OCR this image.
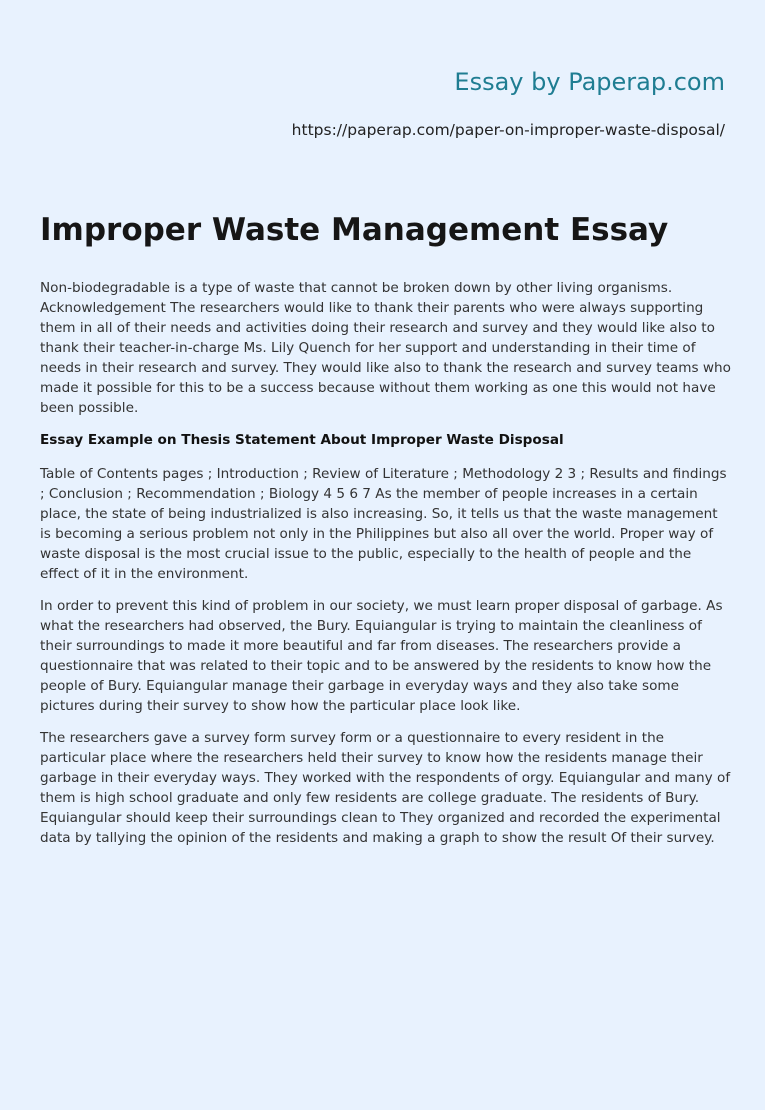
Essay by Paperap.com
https://paperap.com/paper-on-improper-waste-disposal/
Improper Waste Management Essay

Non-biodegradable is a type of waste that cannot be broken down by other living organisms. Acknowledgement The researchers would like to thank their parents who were always supporting them in all of their needs and activities doing their research and survey and they would like also to thank their teacher-in-charge Ms. Lily Quench for her support and understanding in their time of needs in their research and survey. They would like also to thank the research and survey teams who made it possible for this to be a success because without them working as one this would not have been possible.

Essay Example on Thesis Statement About Improper Waste Disposal

Table of Contents pages ; Introduction ; Review of Literature ; Methodology 2 3 ; Results and findings ; Conclusion ; Recommendation ; Biology 4 5 6 7 As the member of people increases in a certain place, the state of being industrialized is also increasing. So, it tells us that the waste management is becoming a serious problem not only in the Philippines but also all over the world. Proper way of waste disposal is the most crucial issue to the public, especially to the health of people and the effect of it in the environment.

In order to prevent this kind of problem in our society, we must learn proper disposal of garbage. As what the researchers had observed, the Bury. Equiangular is trying to maintain the cleanliness of their surroundings to made it more beautiful and far from diseases. The researchers provide a questionnaire that was related to their topic and to be answered by the residents to know how the people of Bury. Equiangular manage their garbage in everyday ways and they also take some pictures during their survey to show how the particular place look like.

The researchers gave a survey form survey form or a questionnaire to every resident in the particular place where the researchers held their survey to know how the residents manage their garbage in their everyday ways. They worked with the respondents of orgy. Equiangular and many of them is high school graduate and only few residents are college graduate. The residents of Bury. Equiangular should keep their surroundings clean to They organized and recorded the experimental data by tallying the opinion of the residents and making a graph to show the result Of their survey.
